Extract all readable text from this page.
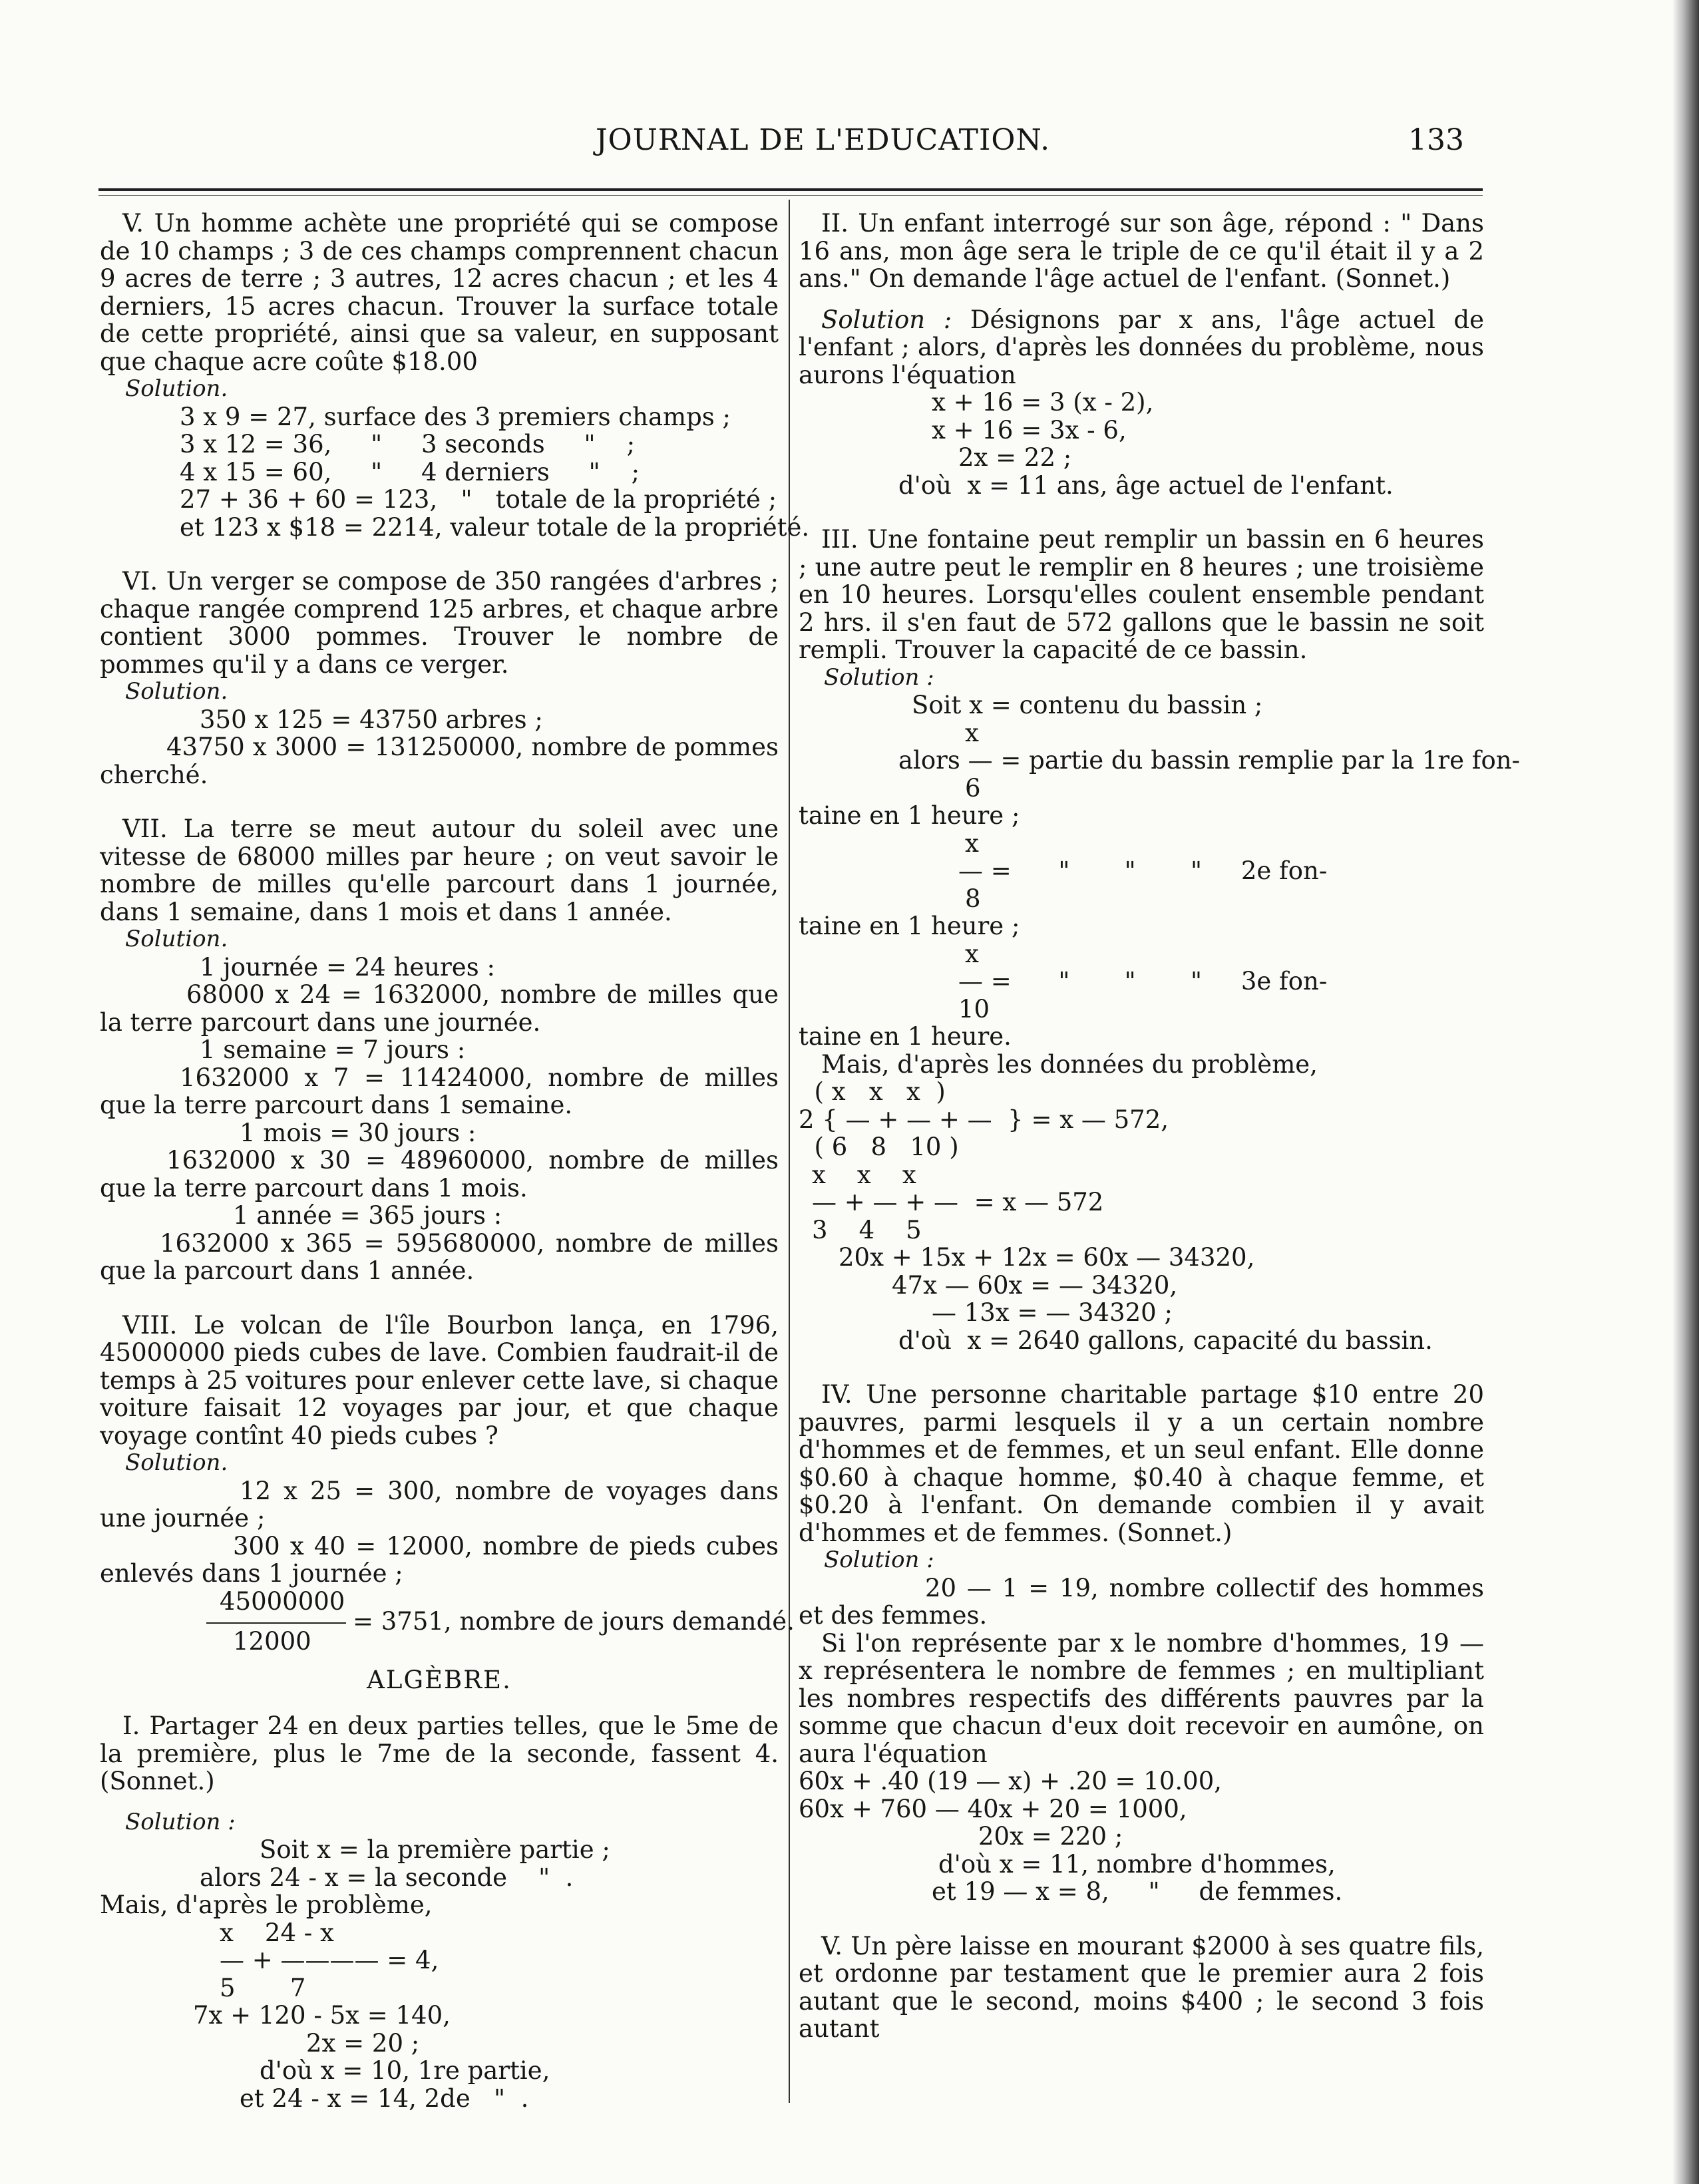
JOURNAL DE L'EDUCATION.	133

V. Un homme achète une propriété qui se compose de 10 champs ; 3 de ces champs comprennent chacun 9 acres de terre ; 3 autres, 12 acres chacun ; et les 4 derniers, 15 acres chacun. Trouver la surface totale de cette propriété, ainsi que sa valeur, en supposant que chaque acre coûte $18.00

Solution.

3 x 9 = 27, surface des 3 premiers champs ;

3 x 12 = 36,     "     3 seconds     "    ;

4 x 15 = 60,     "     4 derniers     "    ;

27 + 36 + 60 = 123,   "   totale de la propriété ;

et 123 x $18 = 2214, valeur totale de la propriété.

VI. Un verger se compose de 350 rangées d'arbres ; chaque rangée comprend 125 arbres, et chaque arbre contient 3000 pommes. Trouver le nombre de pommes qu'il y a dans ce verger.

Solution.

350 x 125 = 43750 arbres ;

43750 x 3000 = 131250000, nombre de pommes cherché.

VII. La terre se meut autour du soleil avec une vitesse de 68000 milles par heure ; on veut savoir le nombre de milles qu'elle parcourt dans 1 journée, dans 1 semaine, dans 1 mois et dans 1 année.

Solution.

1 journée = 24 heures :

68000 x 24 = 1632000, nombre de milles que la terre parcourt dans une journée.

1 semaine = 7 jours :

1632000 x 7 = 11424000, nombre de milles que la terre parcourt dans 1 semaine.

1 mois = 30 jours :

1632000 x 30 = 48960000, nombre de milles que la terre parcourt dans 1 mois.

1 année = 365 jours :

1632000 x 365 = 595680000, nombre de milles que la parcourt dans 1 année.

VIII. Le volcan de l'île Bourbon lança, en 1796, 45000000 pieds cubes de lave. Combien faudrait-il de temps à 25 voitures pour enlever cette lave, si chaque voiture faisait 12 voyages par jour, et que chaque voyage contînt 40 pieds cubes ?

Solution.

12 x 25 = 300, nombre de voyages dans une journée ;

300 x 40 = 12000, nombre de pieds cubes enlevés dans 1 journée ;

45000000
= 3751, nombre de jours demandé.
12000
ALGÈBRE.

I. Partager 24 en deux parties telles, que le 5me de la première, plus le 7me de la seconde, fassent 4. (Sonnet.)

Solution :

Soit x = la première partie ;

alors 24 - x = la seconde    "  .

Mais, d'après le problème,

x    24 - x

— + ———— = 4,

5       7

7x + 120 - 5x = 140,

2x = 20 ;

d'où x = 10, 1re partie,

et 24 - x = 14, 2de   "  .

II. Un enfant interrogé sur son âge, répond : " Dans 16 ans, mon âge sera le triple de ce qu'il était il y a 2 ans." On demande l'âge actuel de l'enfant. (Sonnet.)

Solution : Désignons par x ans, l'âge actuel de l'enfant ; alors, d'après les données du problème, nous aurons l'équation

x + 16 = 3 (x - 2),

x + 16 = 3x - 6,

2x = 22 ;

d'où  x = 11 ans, âge actuel de l'enfant.

III. Une fontaine peut remplir un bassin en 6 heures ; une autre peut le remplir en 8 heures ; une troisième en 10 heures. Lorsqu'elles coulent ensemble pendant 2 hrs. il s'en faut de 572 gallons que le bassin ne soit rempli. Trouver la capacité de ce bassin.

Solution :

Soit x = contenu du bassin ;

x

alors — = partie du bassin remplie par la 1re fon-

6

taine en 1 heure ;

x

— =      "       "       "     2e fon-

8

taine en 1 heure ;

x

— =      "       "       "     3e fon-

10

taine en 1 heure.

Mais, d'après les données du problème,

( x   x   x  )

2 { — + — + —  } = x — 572,

( 6   8   10 )

x    x    x

— + — + —  = x — 572

3    4    5

20x + 15x + 12x = 60x — 34320,

47x — 60x = — 34320,

— 13x = — 34320 ;

d'où  x = 2640 gallons, capacité du bassin.

IV. Une personne charitable partage $10 entre 20 pauvres, parmi lesquels il y a un certain nombre d'hommes et de femmes, et un seul enfant. Elle donne $0.60 à chaque homme, $0.40 à chaque femme, et $0.20 à l'enfant. On demande combien il y avait d'hommes et de femmes. (Sonnet.)

Solution :

20 — 1 = 19, nombre collectif des hommes et des femmes.

Si l'on représente par x le nombre d'hommes, 19 — x représentera le nombre de femmes ; en multipliant les nombres respectifs des différents pauvres par la somme que chacun d'eux doit recevoir en aumône, on aura l'équation

60x + .40 (19 — x) + .20 = 10.00,

60x + 760 — 40x + 20 = 1000,

20x = 220 ;

d'où x = 11, nombre d'hommes,

et 19 — x = 8,     "     de femmes.

V. Un père laisse en mourant $2000 à ses quatre fils, et ordonne par testament que le premier aura 2 fois autant que le second, moins $400 ; le second 3 fois autant
